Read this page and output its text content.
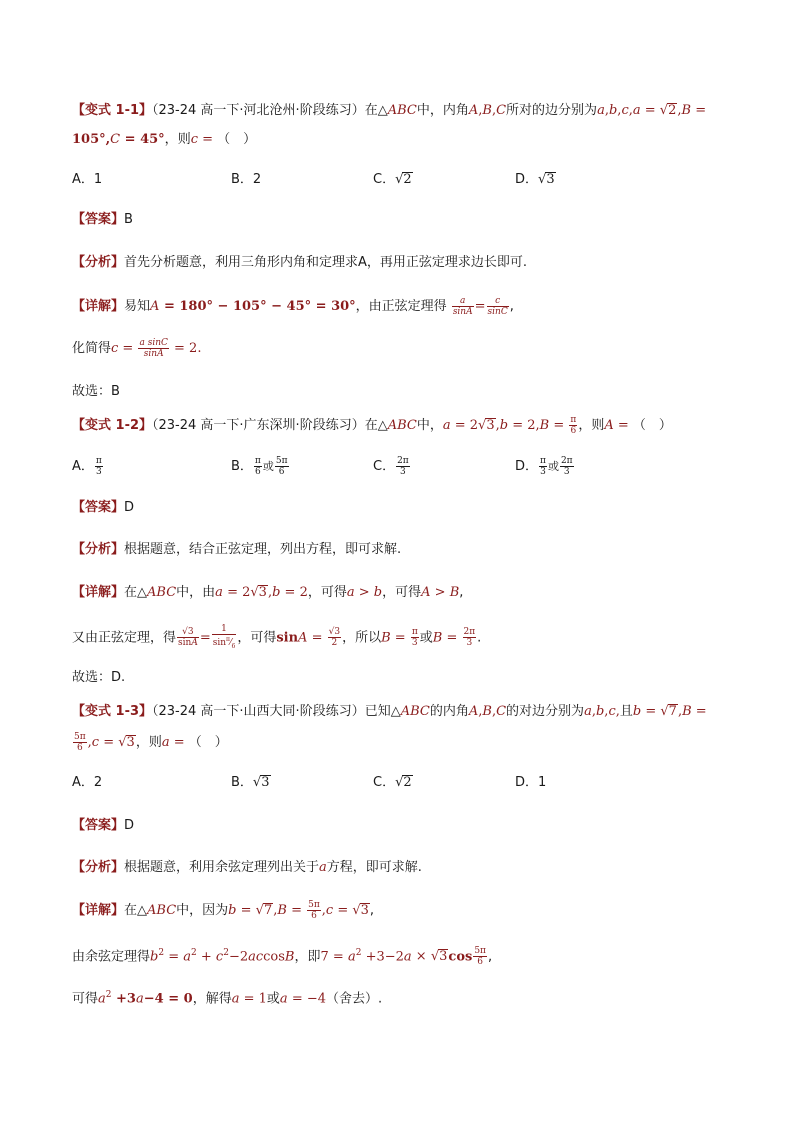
【变式 1-1】（23-24 高一下·河北沧州·阶段练习）在△ABC中，内角A,B,C所对的边分别为a,b,c,a = √2,B =
105°,C = 45°，则c = （　）
A．1	B．2	C．√2	D．√3
【答案】B
【分析】首先分析题意，利用三角形内角和定理求A，再用正弦定理求边长即可.
【详解】易知A = 180° − 105° − 45° = 30°，由正弦定理得 $\frac{a}{\sin A} = \frac{c}{\sin C}$ ,
化简得$c = \frac{\text{a sinC}}{\sin A} = 2$.
故选：B
【变式 1-2】（23-24 高一下·广东深圳·阶段练习）在△ABC中，$a = 2√3,b = 2,B = \frac{\pi}{6}$ ，则A = （　）
A． $\frac{\pi}{3}$	B． $\frac{\pi}{6}$ 或 $\frac{5\pi}{6}$	C． $\frac{2\pi}{3}$	D． $\frac{\pi}{3}$ 或 $\frac{2\pi}{3}$
【答案】D
【分析】根据题意，结合正弦定理，列出方程，即可求解.
【详解】在△ABC中，由a = 2√3,b = 2，可得a > b，可得A > B,
又由正弦定理，得 $\frac{√3}{\sin A} = \frac{1}{\sin^\pi⁄_6}$ ，可得$\sin A = \frac{√3}{2}$ ，所以$B = \frac{\pi}{3}$ 或$B = \frac{2\pi}{3}$ .
故选：D.
【变式 1-3】（23-24 高一下·山西大同·阶段练习）已知△ABC的内角A,B,C的对边分别为a,b,c,且b = √7,B =
$\frac{5\pi}{6} ,c = √3$，则a = （　）
A．2	B．√3	C．√2	D．1
【答案】D
【分析】根据题意，利用余弦定理列出关于a方程，即可求解.
【详解】在△ABC中，因为$b = √7,B = \frac{5\pi}{6} ,c = √3$,
由余弦定理得$b^2 = a^2 + c^2-2accosB$，即$7 = a^2 +3-2a \times √3\cos \frac{5\pi}{6}$ ,
可得$a^2 +3a-4 = 0$，解得a = 1或a = −4（舍去）.
